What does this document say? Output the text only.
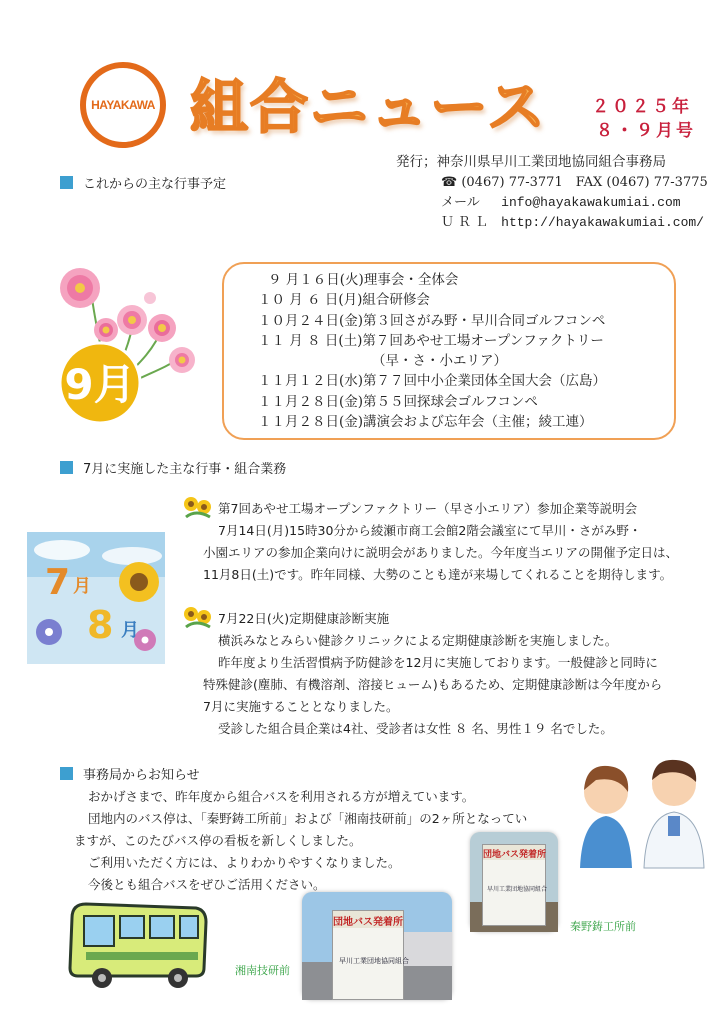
HAYAKAWA 組合ニュース	２０２５年
８・９月号
発行；神奈川県早川工業団地協同組合事務局
☎ (0467) 77-3771　FAX (0467) 77-3775
メール info@hayakawakumiai.com
ＵＲＬ http://hayakawakumiai.com/
これからの主な行事予定
9月
９ 月１６日(火)理事会・全体会
１０ 月 ６ 日(月)組合研修会
１０月２４日(金)第３回さがみ野・早川合同ゴルフコンペ
１１ 月 ８ 日(土)第７回あやせ工場オープンファクトリー
（早・さ・小エリア）
１１月１２日(水)第７７回中小企業団体全国大会（広島）
１１月２８日(金)第５５回探球会ゴルフコンペ
１１月２８日(金)講演会および忘年会（主催；綾工連）
7月に実施した主な行事・組合業務
7 月
8 月
第7回あやせ工場オープンファクトリー（早さ小エリア）参加企業等説明会
7月14日(月)15時30分から綾瀬市商工会館2階会議室にて早川・さがみ野・
小園エリアの参加企業向けに説明会がありました。今年度当エリアの開催予定日は、
11月8日(土)です。昨年同様、大勢のことも達が来場してくれることを期待します。
7月22日(火)定期健康診断実施
横浜みなとみらい健診クリニックによる定期健康診断を実施しました。
昨年度より生活習慣病予防健診を12月に実施しております。一般健診と同時に
特殊健診(塵肺、有機溶剤、溶接ヒューム)もあるため、定期健康診断は今年度から
7月に実施することとなりました。
受診した組合員企業は4社、受診者は女性 ８ 名、男性１９ 名でした。
事務局からお知らせ
おかげさまで、昨年度から組合バスを利用される方が増えています。
団地内のバス停は、「秦野鋳工所前」および「湘南技研前」の2ヶ所となってい
ますが、このたびバス停の看板を新しくしました。
ご利用いただく方には、よりわかりやすくなりました。
今後とも組合バスをぜひご活用ください。
団地バス発着所
早川工業団地協同組合
湘南技研前
団地バス発着所
早川工業団地協同組合
秦野鋳工所前
